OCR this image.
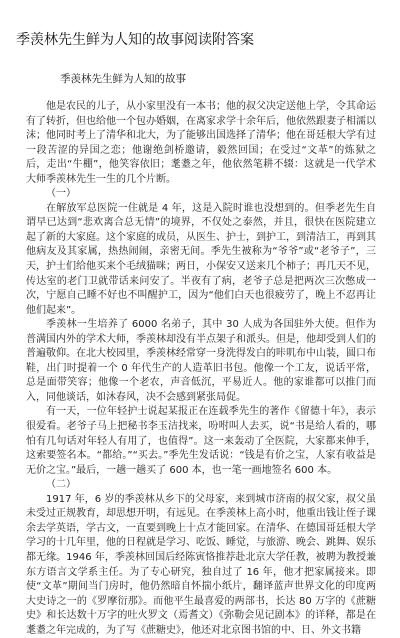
季羡林先生鲜为人知的故事阅读附答案
季羡林先生鲜为人知的故事

他是农民的儿子，从小家里没有一本书；他的叔父决定送他上学，令其命运有了转折，但也给他一个包办婚姻，在离家求学十余年后，他依然跟妻子相濡以沫；他同时考上了清华和北大，为了能够出国选择了清华；他在哥廷根大学有过一段苦涩的异国之恋；他谢绝剑桥邀请，毅然回国；在受过“文革”的炼狱之后，走出“牛棚”，他笑容依旧；耄耋之年，他依然笔耕不辍：这就是一代学术大师季羡林先生一生的几个片断。

（一）

在解放军总医院一住就是 4 年，这是入院时谁也没想到的。但季老先生自谓早已达到“悲欢离合总无情”的境界，不仅处之泰然，并且，很快在医院建立起了新的大家庭。这个家庭的成员，从医生、护士，到护工，到清洁工，再到其他病友及其家属，热热闹闹，亲密无间。季先生被称为“爷爷”或“老爷子”，三天，护士们给他买来个毛绒猫咪；两日，小保安又送来几个柿子；再几天不见，传达室的老门卫就带话来问安了。半夜有了病，老爷子总是把两次三次憋成一次，宁愿自己睡不好也不叫醒护工，因为“他们白天也很疲劳了，晚上不忍再让他们起来”。

季羡林一生培养了 6000 名弟子，其中 30 人成为各国驻外大使。但作为普满国内外的学术大师，季羡林却没有半点架子和派头。但是，他却受到人们的普遍敬仰。在北大校园里，季羡林经常穿一身洗得发白的咔叽布中山装，圆口布鞋，出门时提着一个 0 年代生产的人造革旧书包。他像一个工友，说话平常，总是面带笑容；他像一个老农，声音低沉，平易近人。他的家谁都可以推门而入，同他谈话，如沐春风，决不会感到紧张局促。

有一天，一位年轻护士说起某报正在连载季先生的著作《留德十年》，表示很爱看。老爷子马上把秘书李玉洁找来，吩咐叫人去买，说“书是给人看的，哪怕有几句话对年轻人有用了，也值得”。这一来轰动了全医院，大家都来伸手，这索要签名本。“都给。”“买去。”季先生发话说：“钱是有价之宝，人家有收益是无价之宝。”最后，一趟一趟买了 600 本，也一笔一画地签名 600 本。

（二）

1917 年，6 岁的季羡林从乡下的父母家，来到城市济南的叔父家，叔父虽未受过正规教育，却思想开明，有远见。在季羡林上高小时，他重出钱让侄子课余去学英语，学古文，一直要到晚上十点才能回家。在清华、在德国哥廷根大学学习的十几年里，他的日程就是学习、吃饭、睡觉，与旅游、晚会、跳舞、娱乐 都无缘。1946 年，季羡林回国后经陈寅恪推荐赴北京大学任教，被聘为教授兼东方语言文学系主任。为了专心研究，独自过了 16 年，他才把家属接来。即使“文革”期间当门房时，他仍然暗自怀揣小纸片，翻译蓝声世界文化的印度两大史诗之一的《罗摩衍那》。而他平生最喜爱的两部书，长达 80 万字的《蔗糖史》和长达数十万字的吐火罗文（焉耆文）《弥勒会见记剧本》的详释，都是在耄耋之年完成的，为了写《蔗糖史》，他还对北京图书馆的中、日、外文书籍
